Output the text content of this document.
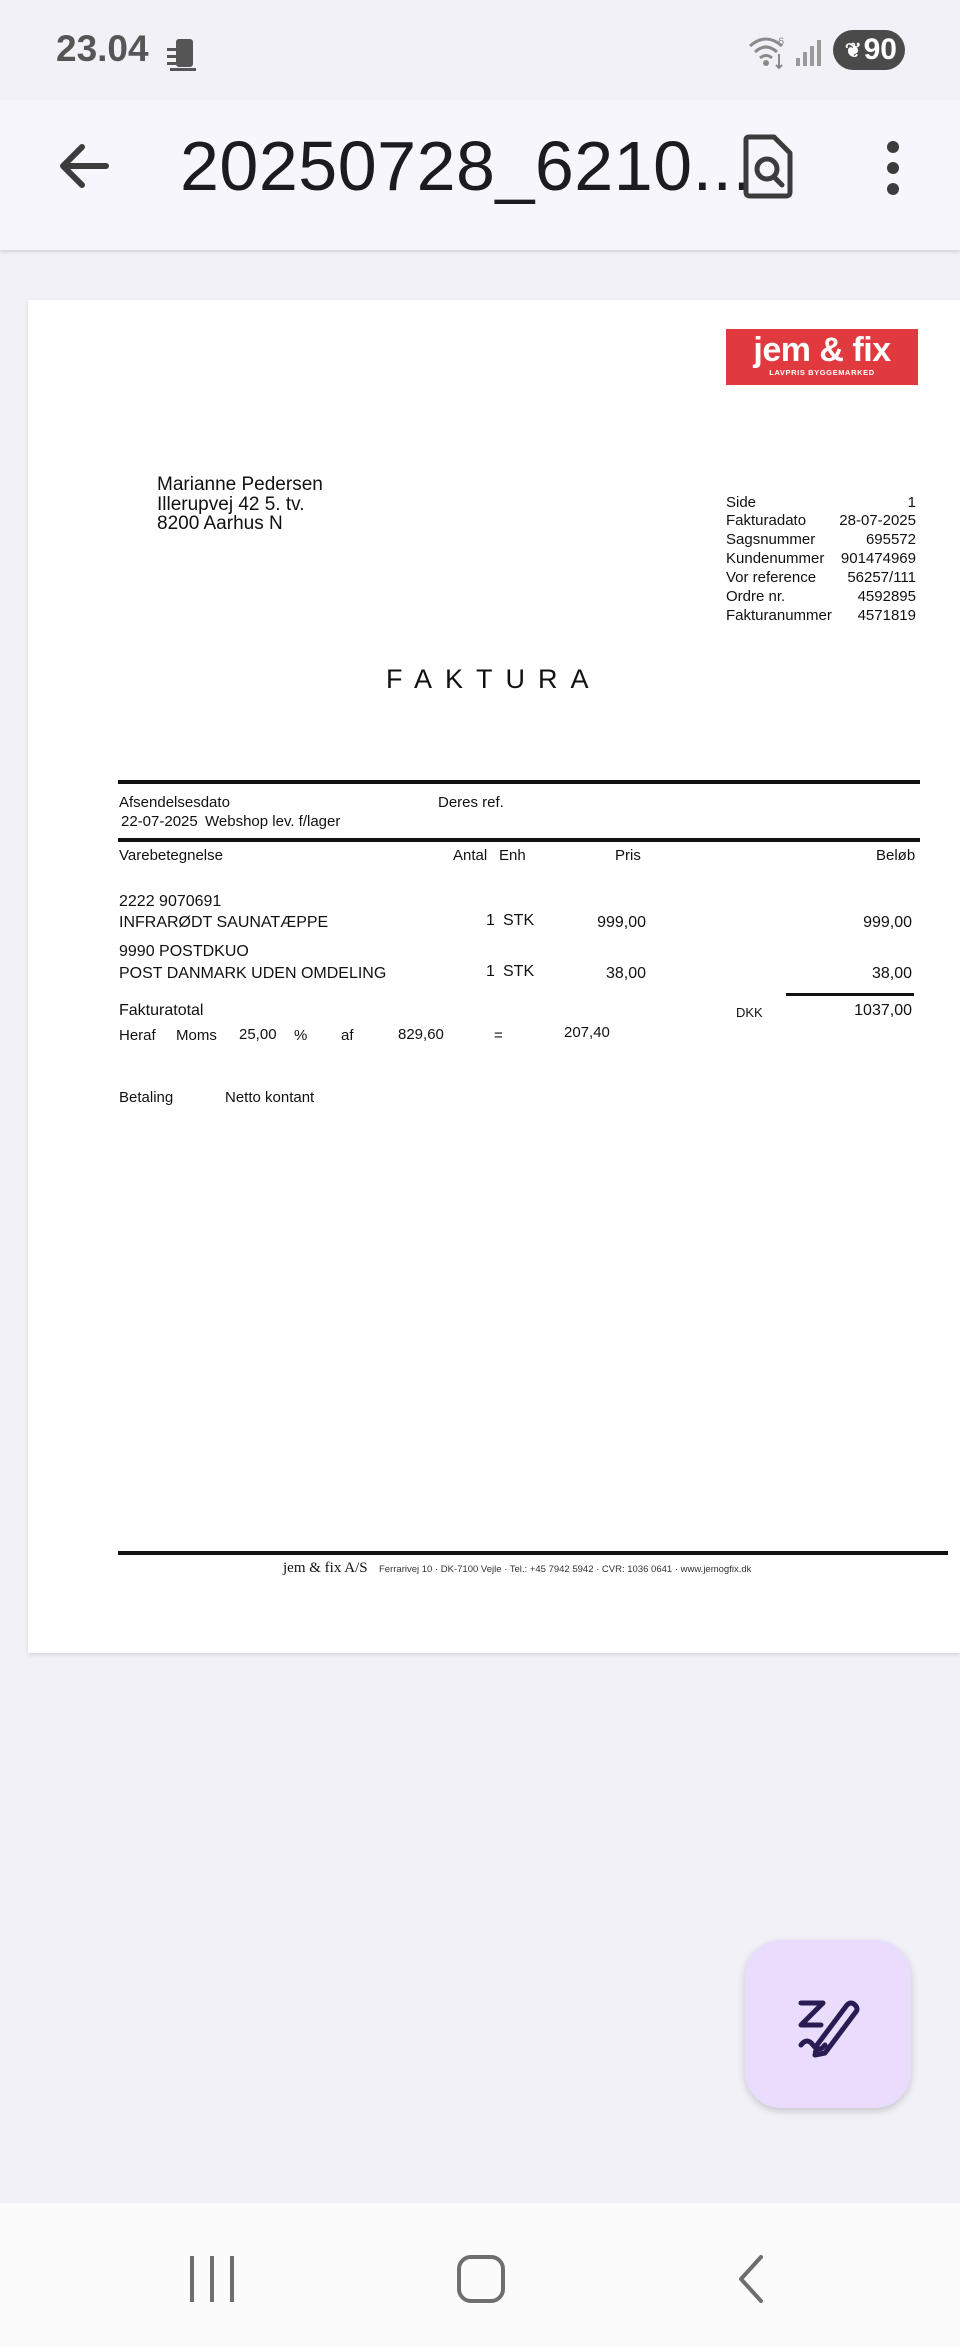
23.04	6	❦ 90
20250728_6210...
jem & fix
LAVPRIS BYGGEMARKED
Marianne Pedersen
Illerupvej 42 5. tv.
8200 Aarhus N
Side	1
Fakturadato 28-07-2025
Sagsnummer	695572
Kundenummer 901474969
Vor reference 56257/111
Ordre nr.	4592895
Fakturanummer 4571819
FAKTURA
Afsendelsesdato	Deres ref.
22-07-2025 Webshop lev. f/lager
Varebetegnelse	Antal Enh	Pris	Beløb
2222 9070691
INFRARØDT SAUNATÆPPE	1 STK	999,00	999,00
9990 POSTDKUO
POST DANMARK UDEN OMDELING	1 STK	38,00	38,00
Fakturatotal	DKK	1037,00
Heraf Moms 25,00 % af	829,60	=	207,40
Betaling	Netto kontant
jem & fix A/S Ferrarivej 10 · DK-7100 Vejle · Tel.: +45 7942 5942 · CVR: 1036 0641 · www.jemogfix.dk
